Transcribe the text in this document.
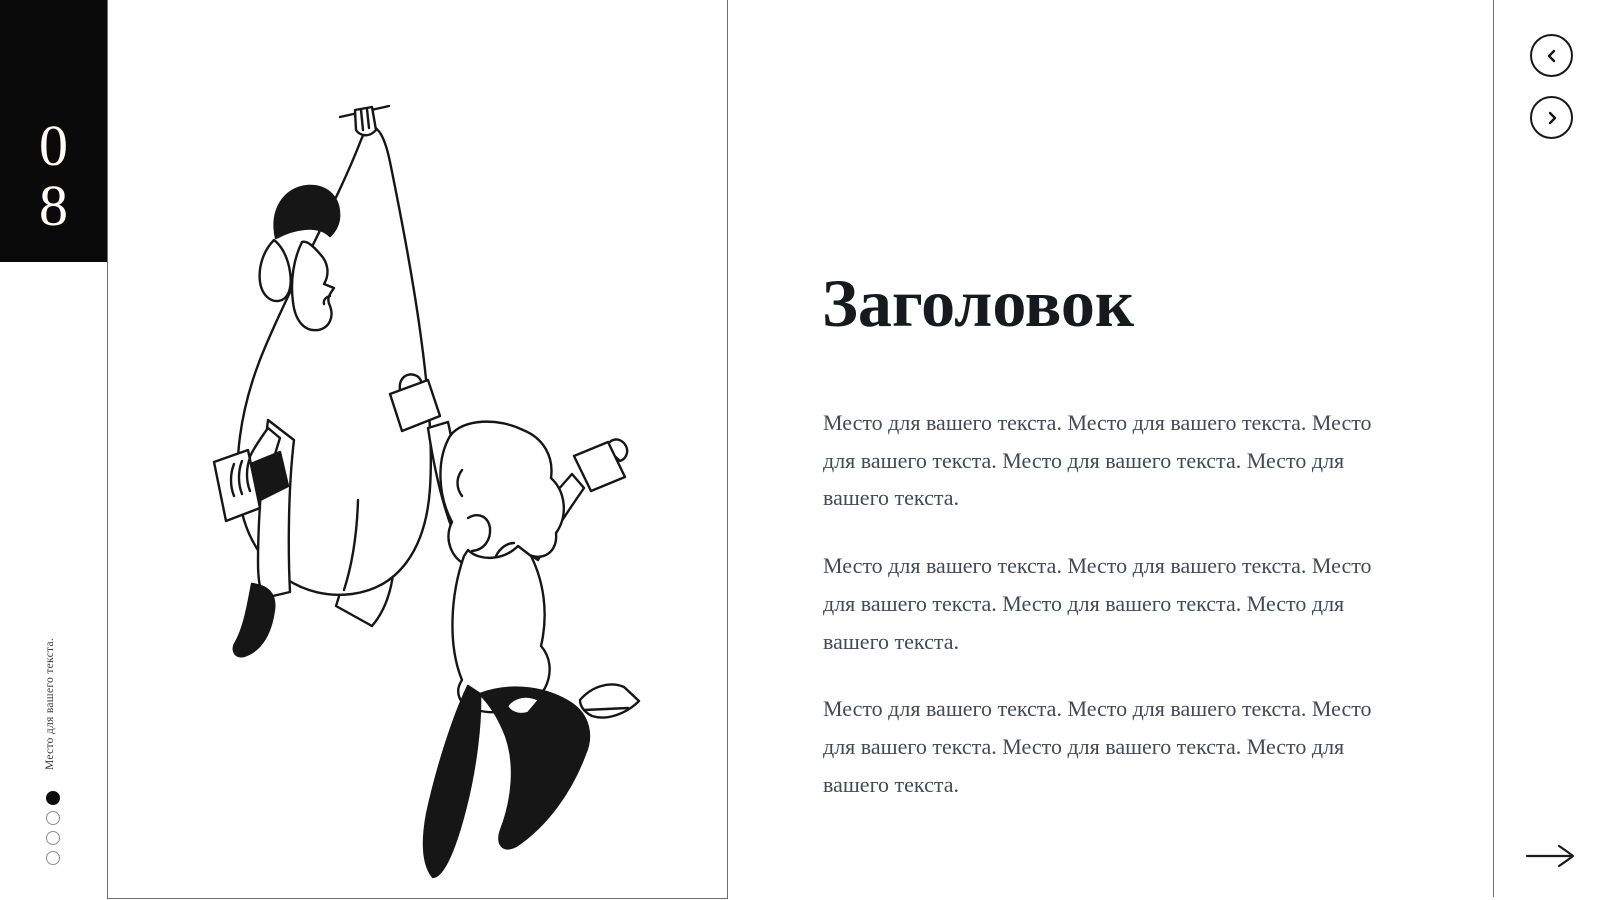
0
8
Место для вашего текста.
Заголовок

Место для вашего текста. Место для вашего текста. Место для вашего текста. Место для вашего текста. Место для вашего текста.

Место для вашего текста. Место для вашего текста. Место для вашего текста. Место для вашего текста. Место для вашего текста.

Место для вашего текста. Место для вашего текста. Место для вашего текста. Место для вашего текста. Место для вашего текста.
